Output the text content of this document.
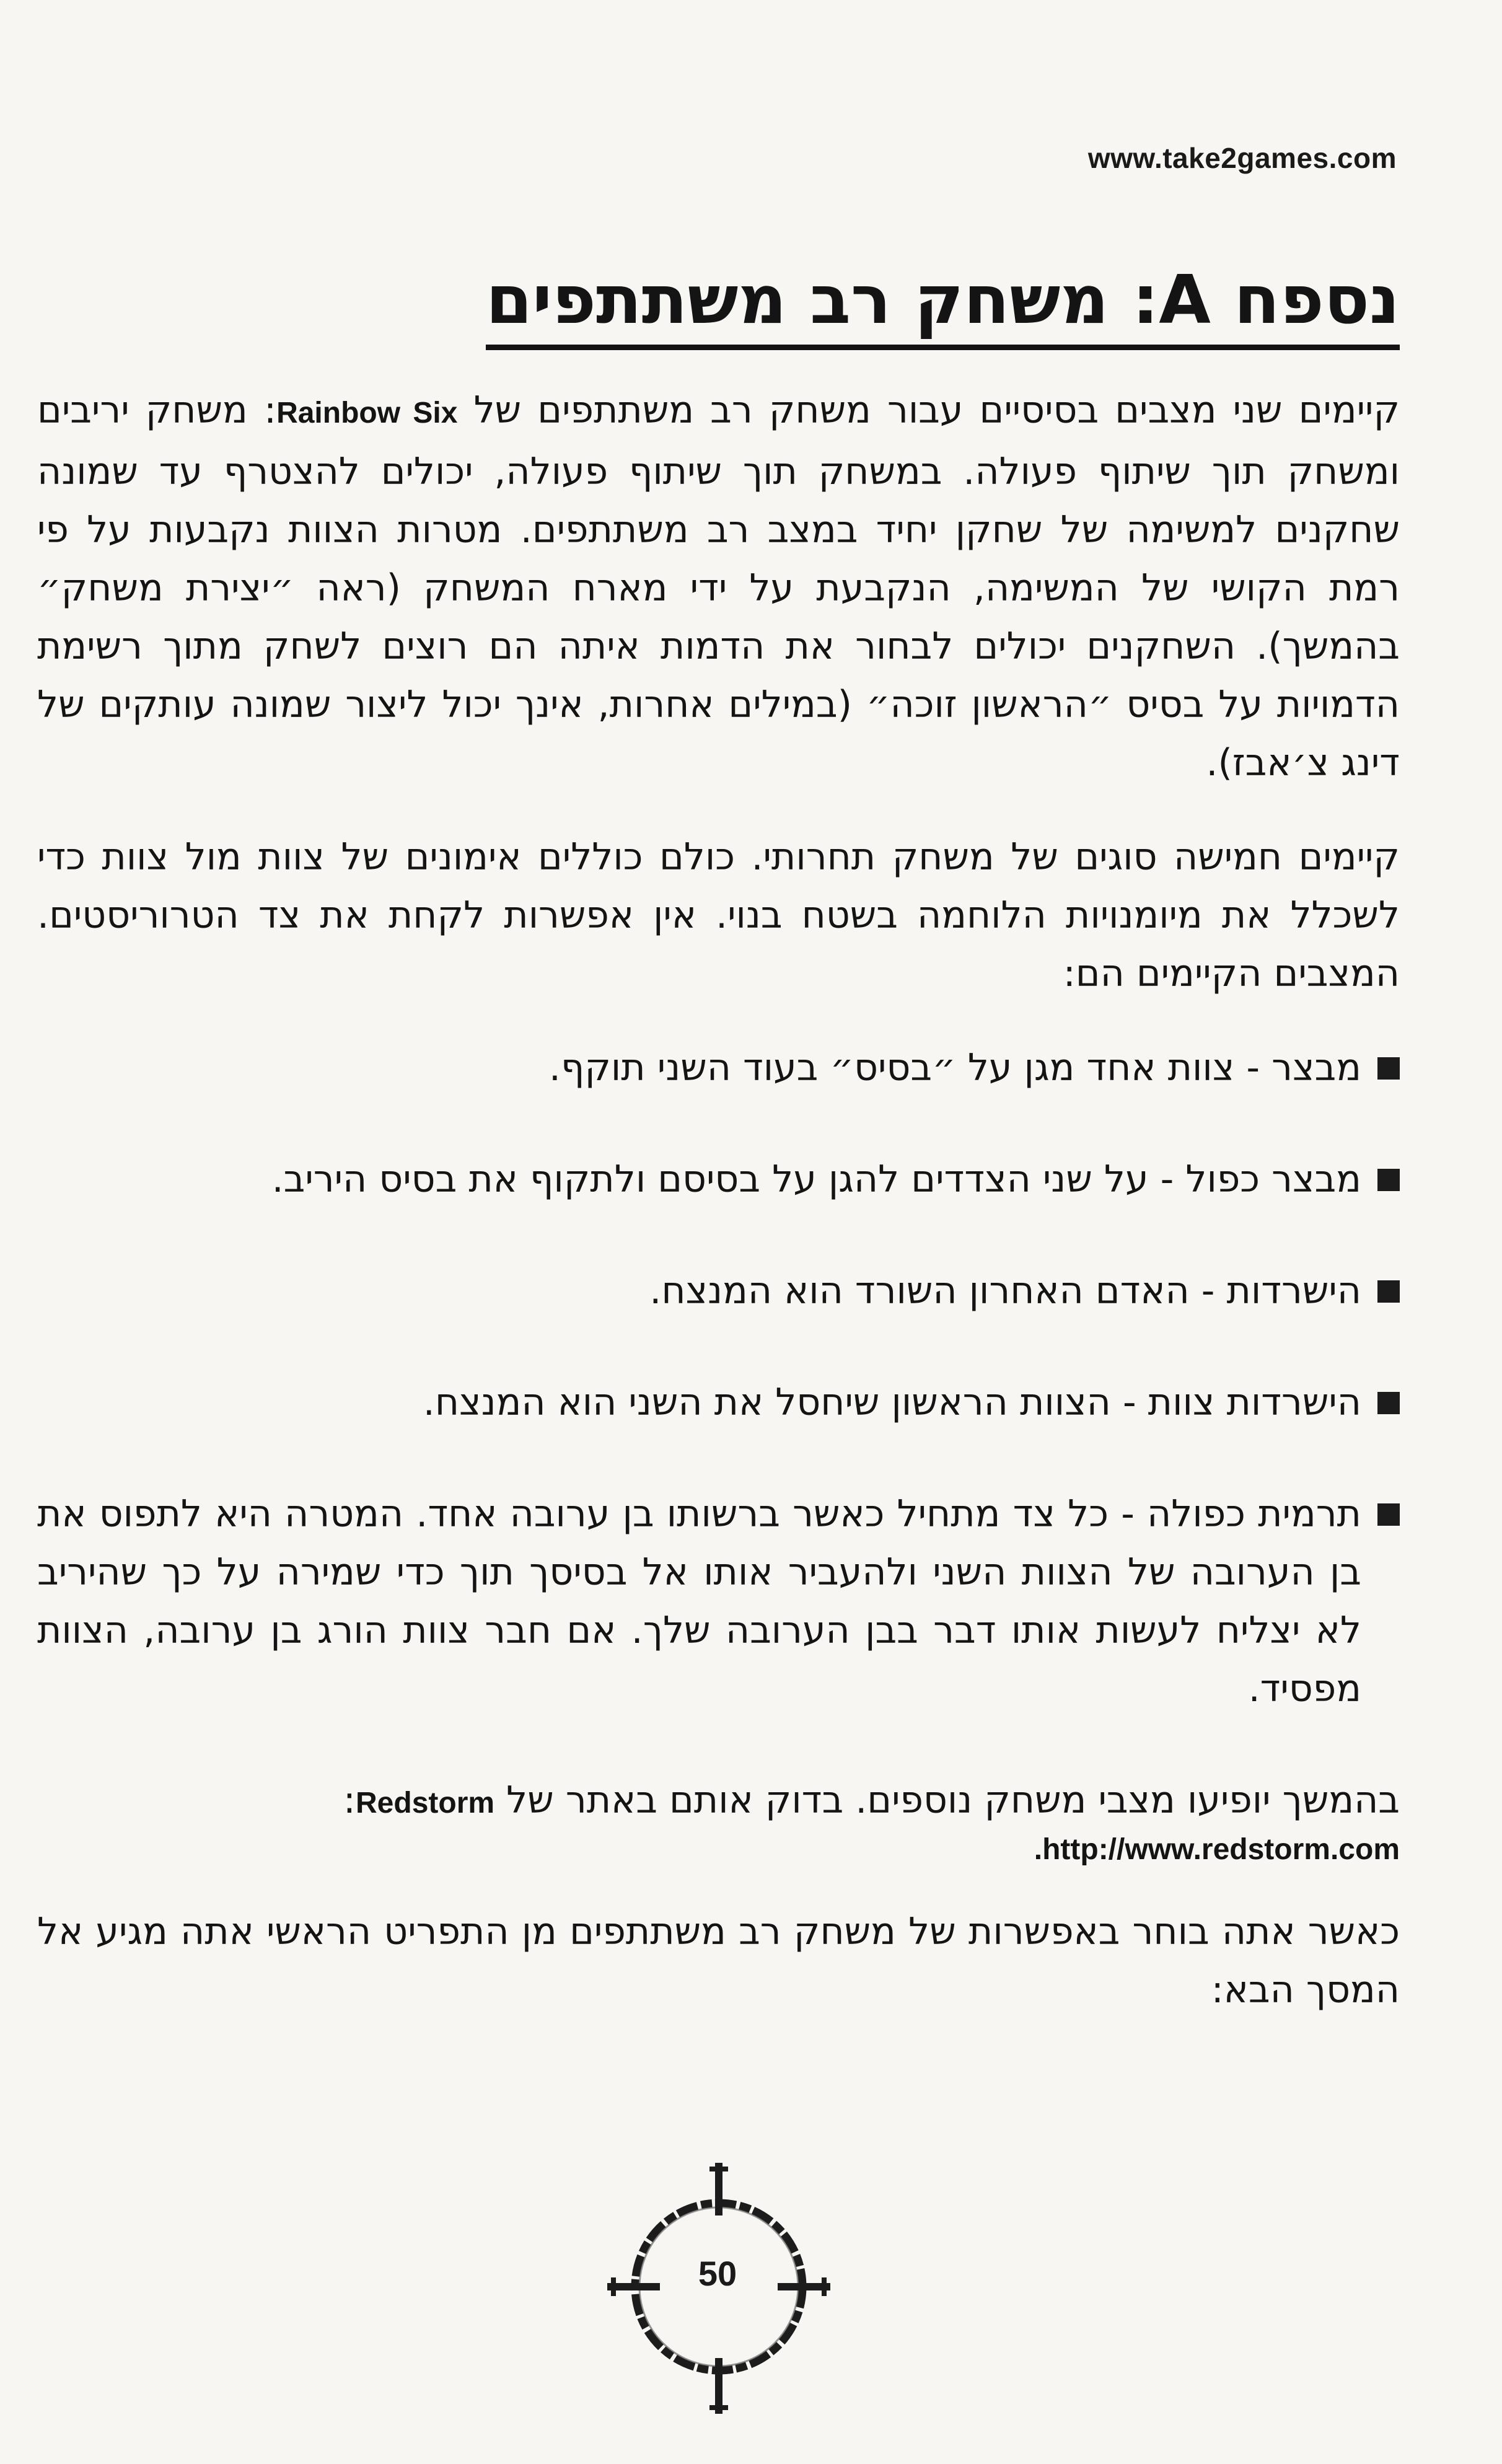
www.take2games.com
נספח A: משחק רב משתתפים

קיימים שני מצבים בסיסיים עבור משחק רב משתתפים של Rainbow Six: משחק יריבים ומשחק תוך שיתוף פעולה. במשחק תוך שיתוף פעולה, יכולים להצטרף עד שמונה שחקנים למשימה של שחקן יחיד במצב רב משתתפים. מטרות הצוות נקבעות על פי רמת הקושי של המשימה, הנקבעת על ידי מארח המשחק (ראה ״יצירת משחק״ בהמשך). השחקנים יכולים לבחור את הדמות איתה הם רוצים לשחק מתוך רשימת הדמויות על בסיס ״הראשון זוכה״ (במילים אחרות, אינך יכול ליצור שמונה עותקים של דינג צ׳אבז).

קיימים חמישה סוגים של משחק תחרותי. כולם כוללים אימונים של צוות מול צוות כדי לשכלל את מיומנויות הלוחמה בשטח בנוי. אין אפשרות לקחת את צד הטרוריסטים. המצבים הקיימים הם:

מבצר - צוות אחד מגן על ״בסיס״ בעוד השני תוקף.
מבצר כפול - על שני הצדדים להגן על בסיסם ולתקוף את בסיס היריב.
הישרדות - האדם האחרון השורד הוא המנצח.
הישרדות צוות - הצוות הראשון שיחסל את השני הוא המנצח.
תרמית כפולה - כל צד מתחיל כאשר ברשותו בן ערובה אחד. המטרה היא לתפוס את בן הערובה של הצוות השני ולהעביר אותו אל בסיסך תוך כדי שמירה על כך שהיריב לא יצליח לעשות אותו דבר בבן הערובה שלך. אם חבר צוות הורג בן ערובה, הצוות מפסיד.

בהמשך יופיעו מצבי משחק נוספים. בדוק אותם באתר של Redstorm:

.http://www.redstorm.com

כאשר אתה בוחר באפשרות של משחק רב משתתפים מן התפריט הראשי אתה מגיע אל המסך הבא:

50
